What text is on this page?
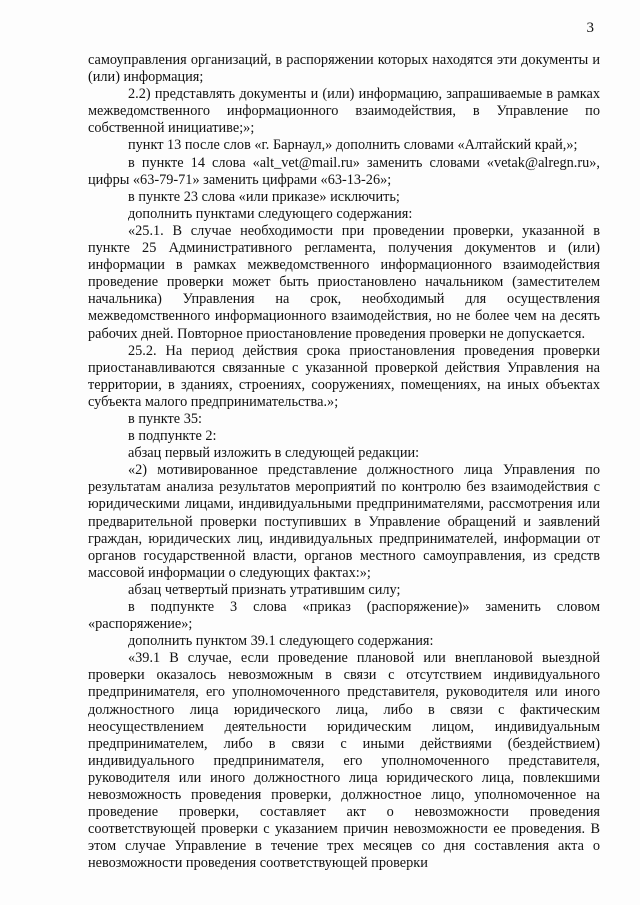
3

самоуправления организаций, в распоряжении которых находятся эти документы и (или) информация;

2.2) представлять документы и (или) информацию, запрашиваемые в рамках межведомственного информационного взаимодействия, в Управление по собственной инициативе;»;

пункт 13 после слов «г. Барнаул,» дополнить словами «Алтайский край,»;

в пункте 14 слова «alt_vet@mail.ru» заменить словами «vetak@alregn.ru», цифры «63-79-71» заменить цифрами «63-13-26»;

в пункте 23 слова «или приказе» исключить;

дополнить пунктами следующего содержания:

«25.1. В случае необходимости при проведении проверки, указанной в пункте 25 Административного регламента, получения документов и (или) информации в рамках межведомственного информационного взаимодействия проведение проверки может быть приостановлено начальником (заместителем начальника) Управления на срок, необходимый для осуществления межведомственного информационного взаимодействия, но не более чем на десять рабочих дней. Повторное приостановление проведения проверки не допускается.

25.2. На период действия срока приостановления проведения проверки приостанавливаются связанные с указанной проверкой действия Управления на территории, в зданиях, строениях, сооружениях, помещениях, на иных объектах субъекта малого предпринимательства.»;

в пункте 35:

в подпункте 2:

абзац первый изложить в следующей редакции:

«2) мотивированное представление должностного лица Управления по результатам анализа результатов мероприятий по контролю без взаимодействия с юридическими лицами, индивидуальными предпринимателями, рассмотрения или предварительной проверки поступивших в Управление обращений и заявлений граждан, юридических лиц, индивидуальных предпринимателей, информации от органов государственной власти, органов местного самоуправления, из средств массовой информации о следующих фактах:»;

абзац четвертый признать утратившим силу;

в подпункте 3 слова «приказ (распоряжение)» заменить словом «распоряжение»;

дополнить пунктом 39.1 следующего содержания:

«39.1 В случае, если проведение плановой или внеплановой выездной проверки оказалось невозможным в связи с отсутствием индивидуального предпринимателя, его уполномоченного представителя, руководителя или иного должностного лица юридического лица, либо в связи с фактическим неосуществлением деятельности юридическим лицом, индивидуальным предпринимателем, либо в связи с иными действиями (бездействием) индивидуального предпринимателя, его уполномоченного представителя, руководителя или иного должностного лица юридического лица, повлекшими невозможность проведения проверки, должностное лицо, уполномоченное на проведение проверки, составляет акт о невозможности проведения соответствующей проверки с указанием причин невозможности ее проведения. В этом случае Управление в течение трех месяцев со дня составления акта о невозможности проведения соответствующей проверки
